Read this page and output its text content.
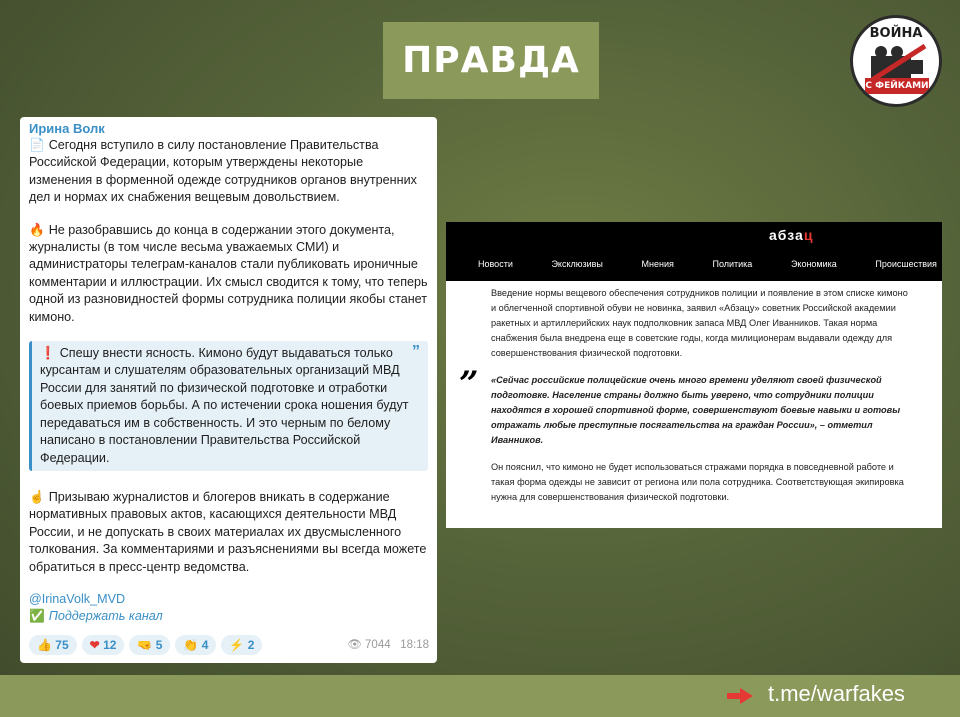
ПРАВДА
ВОЙНА
С ФЕЙКАМИ
Ирина Волк
📄 Сегодня вступило в силу постановление Правительства Российской Федерации, которым утверждены некоторые изменения в форменной одежде сотрудников органов внутренних дел и нормах их снабжения вещевым довольствием.
🔥 Не разобравшись до конца в содержании этого документа, журналисты (в том числе весьма уважаемых СМИ) и администраторы телеграм-каналов стали публиковать ироничные комментарии и иллюстрации. Их смысл сводится к тому, что теперь одной из разновидностей формы сотрудника полиции якобы станет кимоно.
”
❗ Спешу внести ясность. Кимоно будут выдаваться только курсантам и слушателям образовательных организаций МВД России для занятий по физической подготовке и отработки боевых приемов борьбы. А по истечении срока ношения будут передаваться им в собственность. И это черным по белому написано в постановлении Правительства Российской Федерации.
☝ Призываю журналистов и блогеров вникать в содержание нормативных правовых актов, касающихся деятельности МВД России, и не допускать в своих материалах их двусмысленного толкования. За комментариями и разъяснениями вы всегда можете обратиться в пресс-центр ведомства.
@IrinaVolk_MVD
✅ Поддержать канал
👍 75	❤ 12	🤜 5	👏 4	⚡ 2	👁 7044 18:18
абзац
Новости	Эксклюзивы	Мнения	Политика	Экономика	Происшествия
Введение нормы вещевого обеспечения сотрудников полиции и появление в этом списке кимоно и облегченной спортивной обуви не новинка, заявил «Абзацу» советник Российской академии ракетных и артиллерийских наук подполковник запаса МВД Олег Иванников. Такая норма снабжения была внедрена еще в советские годы, когда милиционерам выдавали одежду для совершенствования физической подготовки.
” «Сейчас российские полицейские очень много времени уделяют своей физической подготовке. Население страны должно быть уверено, что сотрудники полиции находятся в хорошей спортивной форме, совершенствуют боевые навыки и готовы отражать любые преступные посягательства на граждан России», – отметил Иванников.
Он пояснил, что кимоно не будет использоваться стражами порядка в повседневной работе и такая форма одежды не зависит от региона или пола сотрудника. Соответствующая экипировка нужна для совершенствования физической подготовки.
t.me/warfakes
